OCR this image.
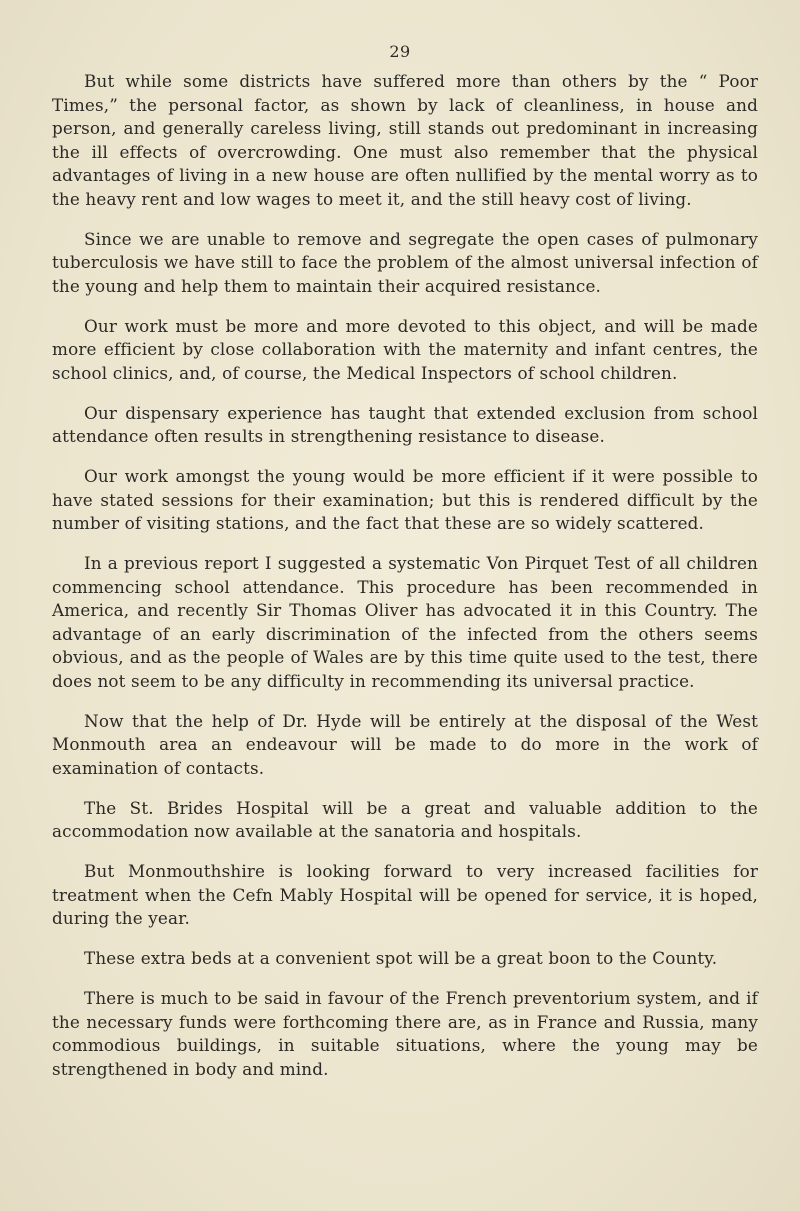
29

But while some districts have suffered more than others by the “ Poor Times,” the personal factor, as shown by lack of cleanliness, in house and person, and generally careless living, still stands out predominant in increasing the ill effects of overcrowding. One must also remember that the physical advantages of living in a new house are often nullified by the mental worry as to the heavy rent and low wages to meet it, and the still heavy cost of living.

Since we are unable to remove and segregate the open cases of pulmonary tuberculosis we have still to face the problem of the almost universal infection of the young and help them to maintain their acquired resistance.

Our work must be more and more devoted to this object, and will be made more efficient by close collaboration with the maternity and infant centres, the school clinics, and, of course, the Medical Inspectors of school children.

Our dispensary experience has taught that extended exclusion from school attendance often results in strengthening resistance to disease.

Our work amongst the young would be more efficient if it were possible to have stated sessions for their examination; but this is rendered difficult by the number of visiting stations, and the fact that these are so widely scattered.

In a previous report I suggested a systematic Von Pirquet Test of all children commencing school attendance. This procedure has been recommended in America, and recently Sir Thomas Oliver has advocated it in this Country. The advantage of an early discrimination of the infected from the others seems obvious, and as the people of Wales are by this time quite used to the test, there does not seem to be any difficulty in recommending its universal practice.

Now that the help of Dr. Hyde will be entirely at the disposal of the West Monmouth area an endeavour will be made to do more in the work of examination of contacts.

The St. Brides Hospital will be a great and valuable addition to the accommodation now available at the sanatoria and hospitals.

But Monmouthshire is looking forward to very increased facilities for treatment when the Cefn Mably Hospital will be opened for service, it is hoped, during the year.

These extra beds at a convenient spot will be a great boon to the County.

There is much to be said in favour of the French preventorium system, and if the necessary funds were forthcoming there are, as in France and Russia, many commodious buildings, in suitable situations, where the young may be strengthened in body and mind.
